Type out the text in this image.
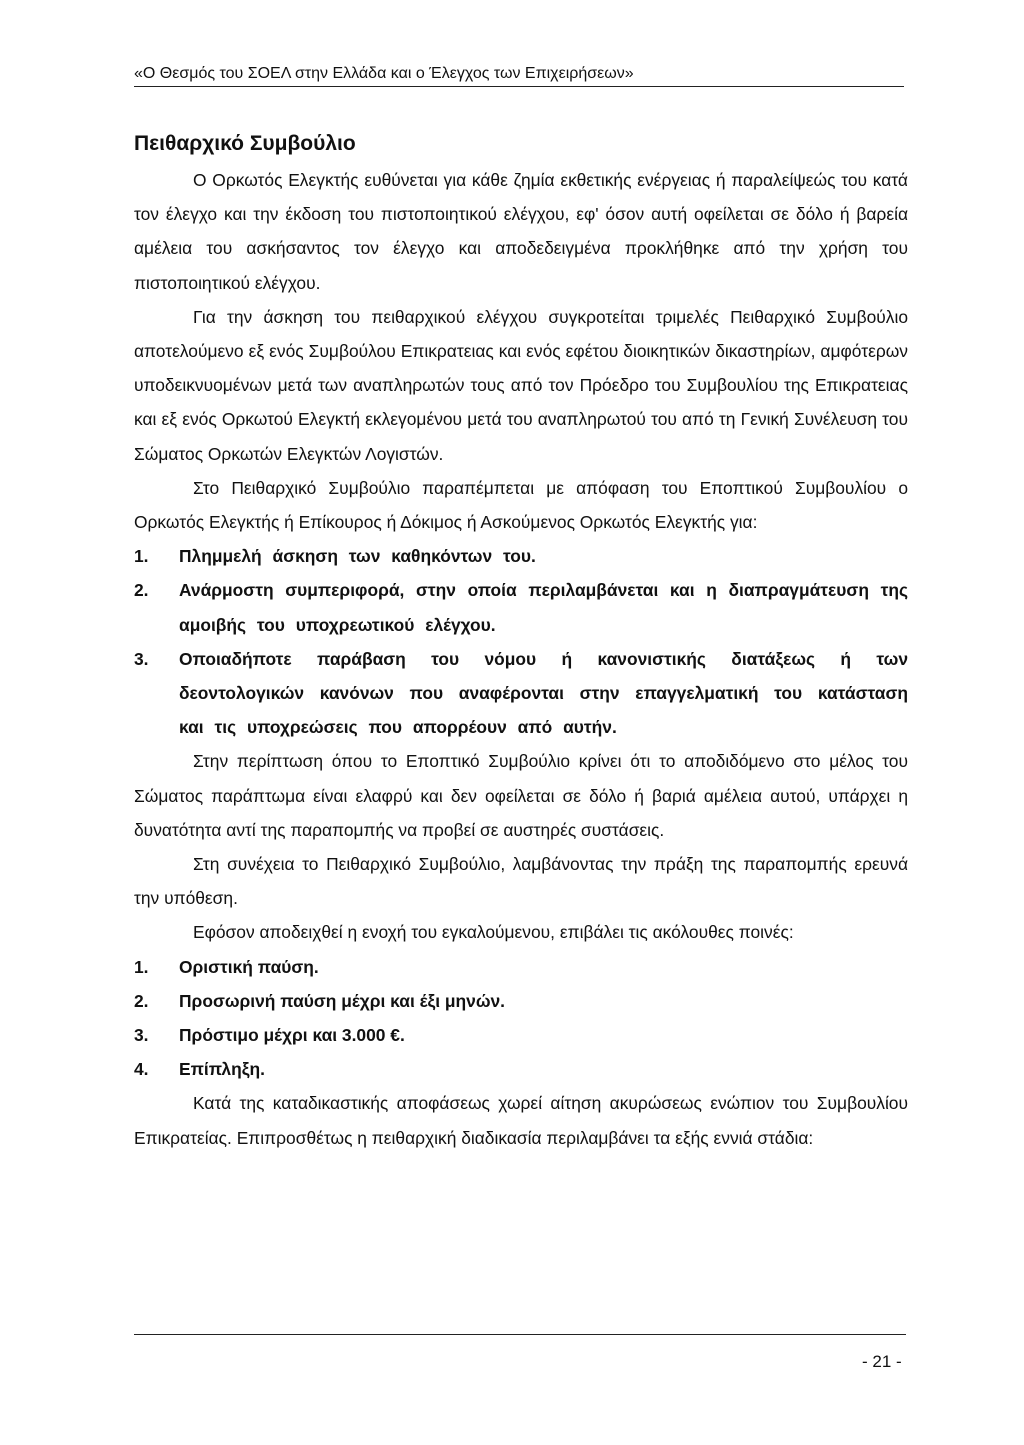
«Ο Θεσμός του ΣΟΕΛ στην Ελλάδα και ο Έλεγχος των Επιχειρήσεων»
Πειθαρχικό Συμβούλιο

Ο Ορκωτός Ελεγκτής ευθύνεται για κάθε ζημία εκθετικής ενέργειας ή παραλείψεώς του κατά τον έλεγχο και την έκδοση του πιστοποιητικού ελέγχου, εφ' όσον αυτή οφείλεται σε δόλο ή βαρεία αμέλεια του ασκήσαντος τον έλεγχο και αποδεδειγμένα προκλήθηκε από την χρήση του πιστοποιητικού ελέγχου.

Για την άσκηση του πειθαρχικού ελέγχου συγκροτείται τριμελές Πειθαρχικό Συμβούλιο αποτελούμενο εξ ενός Συμβούλου Επικρατειας και ενός εφέτου διοικητικών δικαστηρίων, αμφότερων υποδεικνυομένων μετά των αναπληρωτών τους από τον Πρόεδρο του Συμβουλίου της Επικρατειας και εξ ενός Ορκωτού Ελεγκτή εκλεγομένου μετά του αναπληρωτού του από τη Γενική Συνέλευση του Σώματος Ορκωτών Ελεγκτών Λογιστών.

Στο Πειθαρχικό Συμβούλιο παραπέμπεται με απόφαση του Εποπτικού Συμβουλίου ο Ορκωτός Ελεγκτής ή Επίκουρος ή Δόκιμος ή Ασκούμενος Ορκωτός Ελεγκτής για:

1. Πλημμελή άσκηση των καθηκόντων του.
2. Ανάρμοστη συμπεριφορά, στην οποία περιλαμβάνεται και η διαπραγμάτευση της αμοιβής του υποχρεωτικού ελέγχου.
3. Οποιαδήποτε παράβαση του νόμου ή κανονιστικής διατάξεως ή των δεοντολογικών κανόνων που αναφέρονται στην επαγγελματική του κατάσταση και τις υποχρεώσεις που απορρέουν από αυτήν.

Στην περίπτωση όπου το Εποπτικό Συμβούλιο κρίνει ότι το αποδιδόμενο στο μέλος του Σώματος παράπτωμα είναι ελαφρύ και δεν οφείλεται σε δόλο ή βαριά αμέλεια αυτού, υπάρχει η δυνατότητα αντί της παραπομπής να προβεί σε αυστηρές συστάσεις.

Στη συνέχεια το Πειθαρχικό Συμβούλιο, λαμβάνοντας την πράξη της παραπομπής ερευνά την υπόθεση.

Εφόσον αποδειχθεί η ενοχή του εγκαλούμενου, επιβάλει τις ακόλουθες ποινές:

1. Οριστική παύση.
2. Προσωρινή παύση μέχρι και έξι μηνών.
3. Πρόστιμο μέχρι και 3.000 €.
4. Επίπληξη.

Κατά της καταδικαστικής αποφάσεως χωρεί αίτηση ακυρώσεως ενώπιον του Συμβουλίου Επικρατείας. Επιπροσθέτως η πειθαρχική διαδικασία περιλαμβάνει τα εξής εννιά στάδια:

- 21 -
